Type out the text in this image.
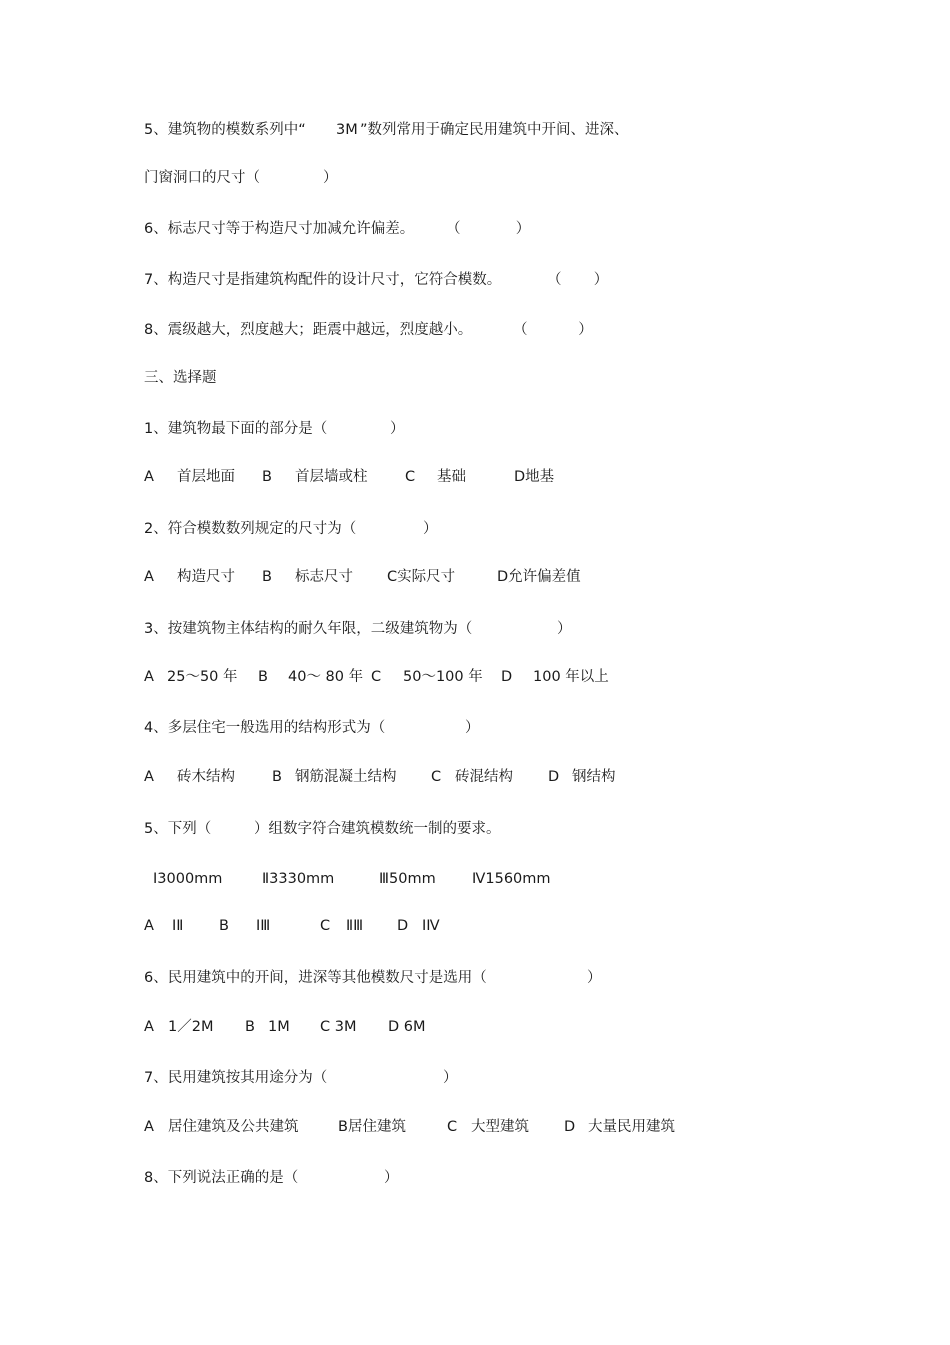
5、建筑物的模数系列中“

3M

”数列常用于确定民用建筑中开间、进深、

门窗洞口的尺寸（

	）

6、标志尺寸等于构造尺寸加减允许偏差。

（            ）

7、构造尺寸是指建筑构配件的设计尺寸，它符合模数。

	（       ）

8、震级越大，烈度越大；距震中越远，烈度越小。

	（           ）

三、选择题

1、建筑物最下面的部分是（

	）

A

首层地面

B

首层墙或柱

	C

基础

	D地基

2、符合模数数列规定的尺寸为（

	）

A

构造尺寸

B

标志尺寸

C实际尺寸

	D允许偏差值

3、按建筑物主体结构的耐久年限，二级建筑物为（

	）

A

25～50 年

B

40～ 80 年

C

50～100 年

D

100 年以上

4、多层住宅一般选用的结构形式为（

	）

A

砖木结构

	B

钢筋混凝土结构

C

砖混结构

D

钢结构

5、下列（

	）组数字符合建筑模数统一制的要求。

Ⅰ3000mm

	Ⅱ3330mm

	Ⅲ50mm

	Ⅳ1560mm

A

ⅠⅡ

B

ⅠⅢ

	C

ⅡⅢ

D

ⅠⅣ

6、民用建筑中的开间，进深等其他模数尺寸是选用（

	）

A

1／2M

B

1M

C 3M

D 6M

7、民用建筑按其用途分为（

	）

A

居住建筑及公共建筑

	B居住建筑

	C

大型建筑

D

大量民用建筑

8、下列说法正确的是（

	）
